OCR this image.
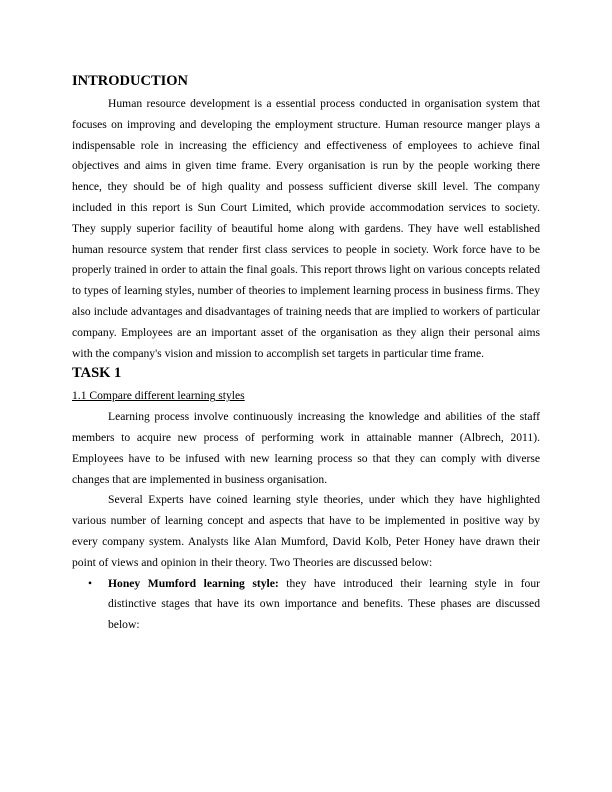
INTRODUCTION

Human resource development is a essential process conducted in organisation system that focuses on improving and developing the employment structure. Human resource manger plays a indispensable role in increasing the efficiency and effectiveness of employees to achieve final objectives and aims in given time frame. Every organisation is run by the people working there hence, they should be of high quality and possess sufficient diverse skill level. The company included in this report is Sun Court Limited, which provide accommodation services to society. They supply superior facility of beautiful home along with gardens. They have well established human resource system that render first class services to people in society. Work force have to be properly trained in order to attain the final goals. This report throws light on various concepts related to types of learning styles, number of theories to implement learning process in business firms. They also include advantages and disadvantages of training needs that are implied to workers of particular company. Employees are an important asset of the organisation as they align their personal aims with the company's vision and mission to accomplish set targets in particular time frame.

TASK 1

1.1 Compare different learning styles

Learning process involve continuously increasing the knowledge and abilities of the staff members to acquire new process of performing work in attainable manner (Albrech, 2011). Employees have to be infused with new learning process so that they can comply with diverse changes that are implemented in business organisation.

Several Experts have coined learning style theories, under which they have highlighted various number of learning concept and aspects that have to be implemented in positive way by every company system. Analysts like Alan Mumford, David Kolb, Peter Honey have drawn their point of views and opinion in their theory. Two Theories are discussed below:

• Honey Mumford learning style: they have introduced their learning style in four distinctive stages that have its own importance and benefits. These phases are discussed below:
